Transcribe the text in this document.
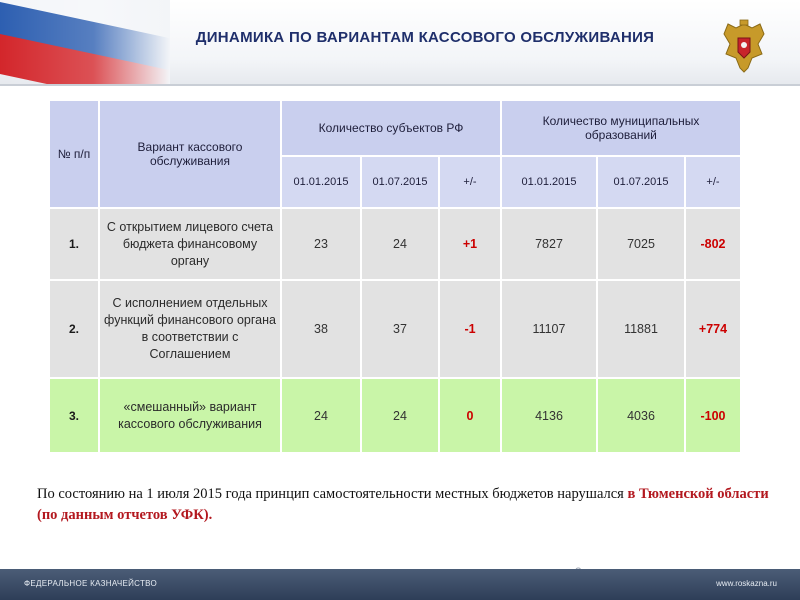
ДИНАМИКА ПО ВАРИАНТАМ КАССОВОГО ОБСЛУЖИВАНИЯ
№ п/п	Вариант кассового обслуживания	Количество субъектов РФ			Количество муниципальных образований		
		01.01.2015	01.07.2015	+/-	01.01.2015	01.07.2015	+/-
1.	С открытием лицевого счета бюджета финансовому органу	23	24	+1	7827	7025	-802
2.	С исполнением отдельных функций финансового органа в соответствии с Соглашением	38	37	-1	11107	11881	+774
3.	«смешанный» вариант кассового обслуживания	24	24	0	4136	4036	-100
По состоянию на 1 июля 2015 года принцип самостоятельности местных бюджетов нарушался в Тюменской области (по данным отчетов УФК).
ФЕДЕРАЛЬНОЕ КАЗНАЧЕЙСТВО	www.roskazna.ru
